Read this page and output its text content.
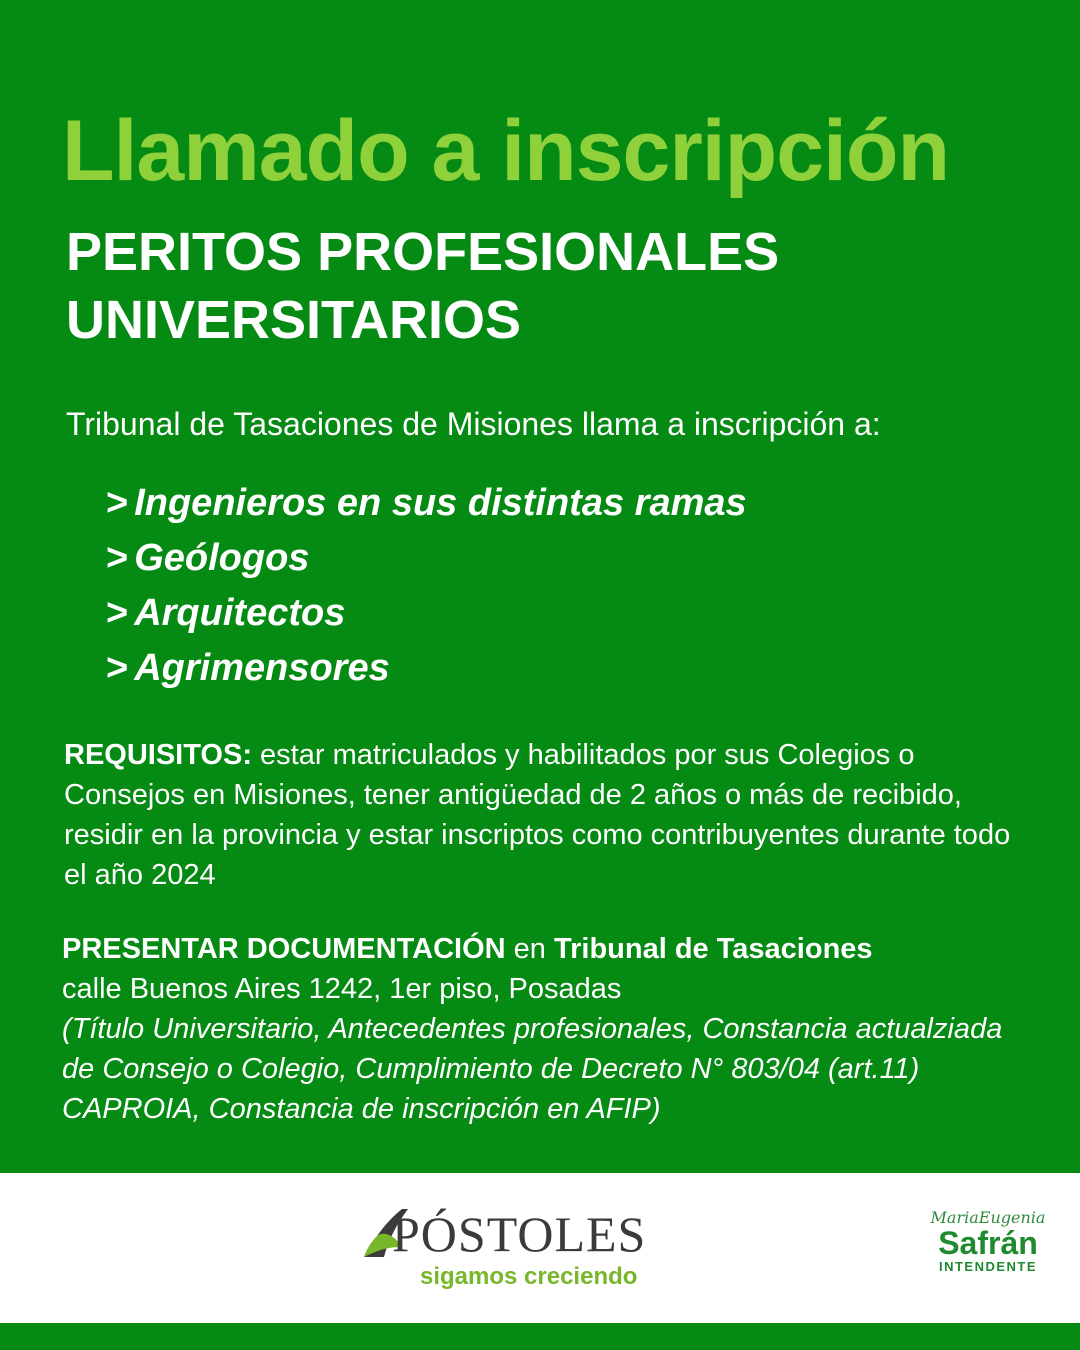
Llamado a inscripción
PERITOS PROFESIONALES
UNIVERSITARIOS
Tribunal de Tasaciones de Misiones llama a inscripción a:
> Ingenieros en sus distintas ramas
> Geólogos
> Arquitectos
> Agrimensores
REQUISITOS: estar matriculados y habilitados por sus Colegios o Consejos en Misiones, tener antigüedad de 2 años o más de recibido, residir en la provincia y estar inscriptos como contribuyentes durante todo el año 2024
PRESENTAR DOCUMENTACIÓN en Tribunal de Tasaciones
calle Buenos Aires 1242, 1er piso, Posadas
(Título Universitario, Antecedentes profesionales, Constancia actualziada de Consejo o Colegio, Cumplimiento de Decreto N° 803/04 (art.11) CAPROIA, Constancia de inscripción en AFIP)
PÓSTOLES
sigamos creciendo
MariaEugenia
Safrán
INTENDENTE
